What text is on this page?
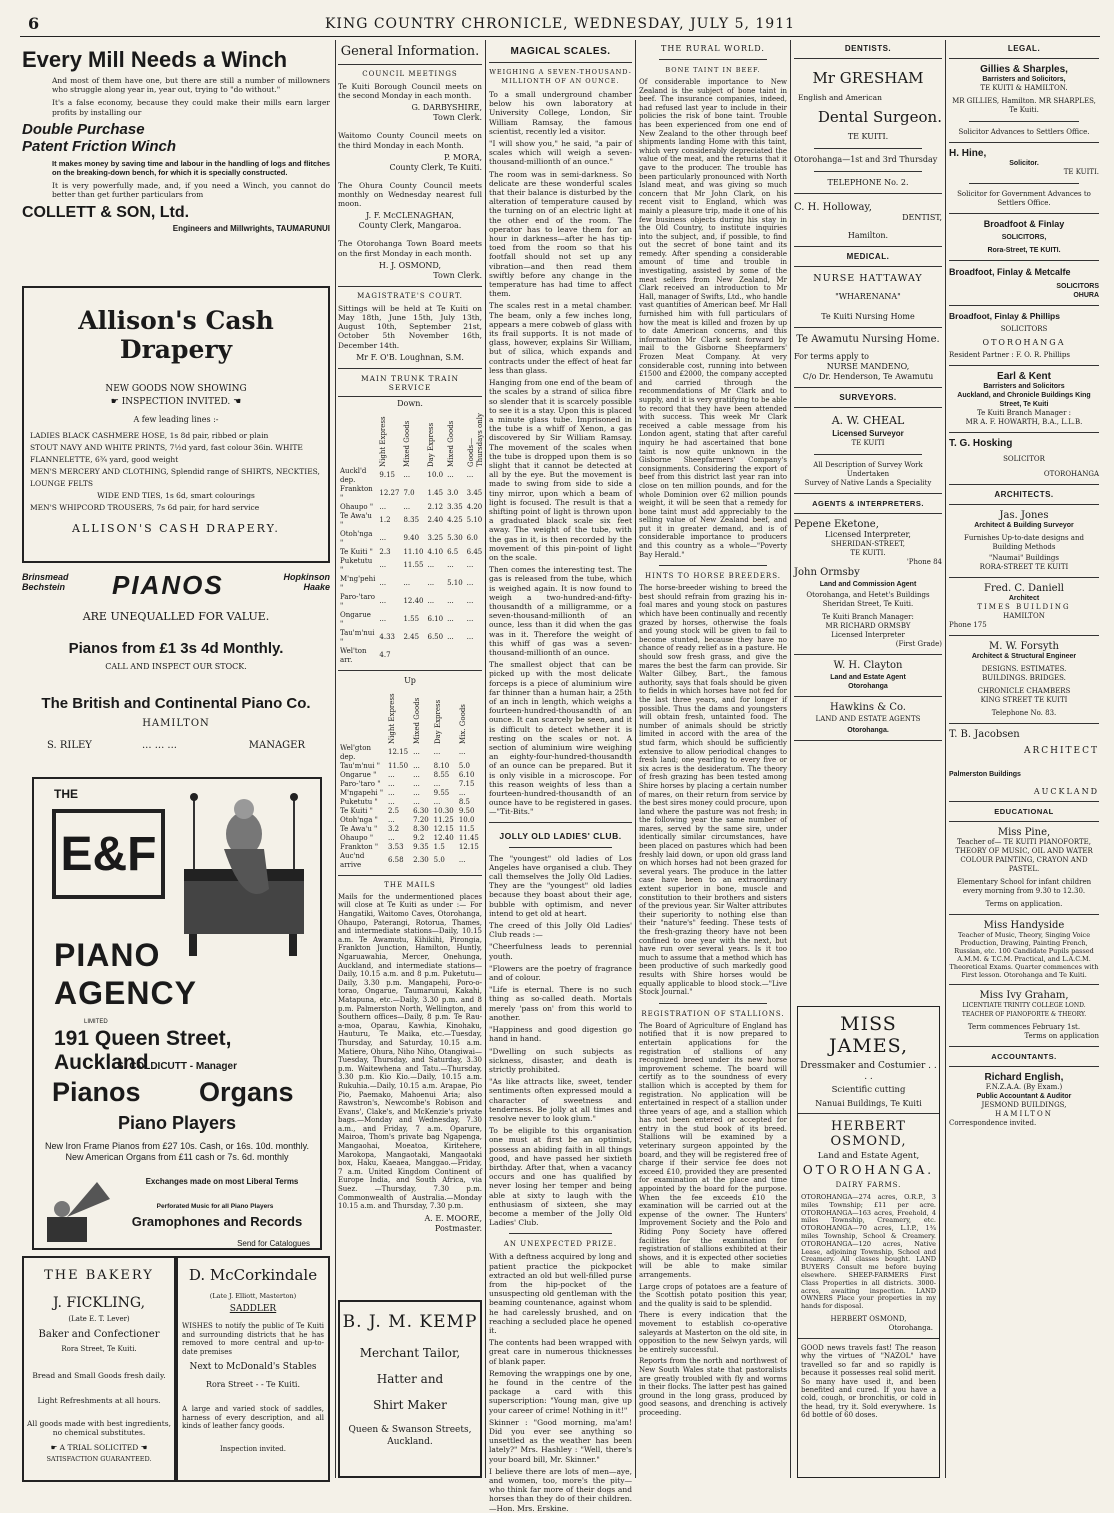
6	KING COUNTRY CHRONICLE, WEDNESDAY, JULY 5, 1911
Every Mill Needs a Winch

And most of them have one, but there are still a number of millowners who struggle along year in, year out, trying to "do without."

It's a false economy, because they could make their mills earn larger profits by installing our

Double Purchase
Patent Friction Winch

It makes money by saving time and labour in the handling of logs and flitches on the breaking-down bench, for which it is specially constructed.

It is very powerfully made, and, if you need a Winch, you cannot do better than get further particulars from

COLLETT & SON, Ltd.
Engineers and Millwrights, TAUMARUNUI
Allison's Cash Drapery
NEW GOODS NOW SHOWING
☛ INSPECTION INVITED. ☚
A few leading lines :-
LADIES BLACK CASHMERE HOSE, 1s 8d pair, ribbed or plain
STOUT NAVY AND WHITE PRINTS, 7½d yard, fast colour 36in. WHITE FLANNELETTE, 6¾ yard, good weight
MEN'S MERCERY AND CLOTHING, Splendid range of SHIRTS, NECKTIES, LOUNGE FELTS
WIDE END TIES, 1s 6d, smart colourings
MEN'S WHIPCORD TROUSERS, 7s 6d pair, for hard service
ALLISON'S CASH DRAPERY.
Brinsmead
Bechstein PIANOS	Hopkinson
Haake
ARE UNEQUALLED FOR VALUE.
Pianos from £1 3s 4d Monthly.
CALL AND INSPECT OUR STOCK.
The British and Continental Piano Co.
HAMILTON
S. RILEY	... ... ...	MANAGER
THE
E&F
PIANO
AGENCY
LIMITED
191 Queen Street, Auckland
S. COLDICUTT - Manager
Pianos Organs
Piano Players
New Iron Frame Pianos from £27 10s. Cash, or 16s. 10d. monthly. New American Organs from £11 cash or 7s. 6d. monthly
Exchanges made on most Liberal Terms
Perforated Music for all Piano Players
Gramophones and Records
Send for Catalogues
THE BAKERY
J. FICKLING,
(Late E. T. Lever)
Baker and Confectioner
Rora Street, Te Kuiti.
Bread and Small Goods fresh daily.
Light Refreshments at all hours.
All goods made with best ingredients, no chemical substitutes.
☛ A TRIAL SOLICITED ☚
SATISFACTION GUARANTEED.
D. McCorkindale
(Late J. Elliott, Masterton)
SADDLER

WISHES to notify the public of Te Kuiti and surrounding districts that he has removed to more central and up-to-date premises

Next to McDonald's Stables
Rora Street - - Te Kuiti.

A large and varied stock of saddles, harness of every description, and all kinds of leather fancy goods.

Inspection invited.
General Information.
COUNCIL MEETINGS

Te Kuiti Borough Council meets on the second Monday in each month.

G. DARBYSHIRE,
Town Clerk.

Waitomo County Council meets on the third Monday in each Month.

P. MORA,
County Clerk, Te Kuiti.

The Ohura County Council meets monthly on Wednesday nearest full moon.

J. F. McCLENAGHAN,
County Clerk, Mangaroa.

The Otorohanga Town Board meets on the first Monday in each month.

H. J. OSMOND,
Town Clerk.
MAGISTRATE'S COURT.

Sittings will be held at Te Kuiti on May 18th, June 15th, July 13th, August 10th, September 21st, October 5th November 16th, December 14th.

Mr F. O'B. Loughnan, S.M.
MAIN TRUNK TRAIN SERVICE
Down.

	Night Express	Mixed Goods	Day Express	Mixed Goods	Goods—Thursdays only

Auckl'd dep.	9.15	...	10.0	...	...
Frankton "	12.27	7.0	1.45	3.0	3.45
Ohaupo "	...	...	2.12	3.35	4.20
Te Awa'u "	1.2	8.35	2.40	4.25	5.10
Otoh'nga "	...	9.40	3.25	5.30	6.0
Te Kuiti "	2.3	11.10	4.10	6.5	6.45
Puketutu "	...	11.55	...	...	...
M'ng'pehi "	...	...	...	5.10	...
Paro-'taro "	...	12.40	...	...	...
Ongarue "	...	1.55	6.10	...	...
Tau'm'nui "	4.33	2.45	6.50	...	...
Wel'ton arr.	4.7				
Up

	Night Express	Mixed Goods	Day Express	Mix. Goods

Wel'gton dep.	12.15	...	...	...
Tau'm'nui "	11.50	...	8.10	5.0
Ongarue "	...	...	8.55	6.10
Paro-'taro "	...	...	...	7.15
M'ngapehi "	...	...	9.55	...
Puketutu "	...	...	...	8.5
Te Kuiti "	2.5	6.30	10.30	9.50
Otoh'nga "	...	7.20	11.25	10.0
Te Awa'u "	3.2	8.30	12.15	11.5
Ohaupo "	...	9.2	12.40	11.45
Frankton "	3.53	9.35	1.5	12.15
Auc'nd arrive	6.58	2.30	5.0	...
THE MAILS

Mails for the undermentioned places will close at Te Kuiti as under :— For Hangatiki, Waitomo Caves, Otorohanga, Ohaupo, Paterangi, Rotorua, Thames, and intermediate stations—Daily, 10.15 a.m. Te Awamutu, Kihikihi, Pirongia, Frankton Junction, Hamilton, Huntly, Ngaruawahia, Mercer, Onehunga, Auckland, and intermediate stations—Daily, 10.15 a.m. and 8 p.m. Puketutu—Daily, 3.30 p.m. Mangapehi, Poro-o-torao, Ongarue, Taumarunui, Kakahi, Matapuna, etc.—Daily, 3.30 p.m. and 8 p.m. Palmerston North, Wellington, and Southern offices—Daily, 8 p.m. Te Rau-a-moa, Oparau, Kawhia, Kinohaku, Hauturu, Te Maika, etc.—Tuesday, Thursday, and Saturday, 10.15 a.m. Matiere, Ohura, Niho Niho, Otangiwai—Tuesday, Thursday, and Saturday, 3.30 p.m. Waitewhena and Tatu.—Thursday, 3.30 p.m. Kio Kio.—Daily, 10.15 a.m. Rukuhia.—Daily, 10.15 a.m. Arapae, Pio Pio, Paemako, Mahoenui Aria; also Rawstron's, Newcombe's Robison and Evans', Clake's, and McKenzie's private bags.—Monday and Wednesday, 7.30 a.m., and Friday, 7 a.m. Oparure, Mairoa, Thom's private bag Ngapenga, Mangaohai, Moeatoa, Kiritehere, Marokopa, Mangaotaki, Mangaotaki box, Haku, Kaeaea, Manggao.—Friday, 7 a.m. United Kingdom Continent of Europe India, and South Africa, via Suez. —Thursday, 7.30 p.m. Commonwealth of Australia.—Monday 10.15 a.m. and Thursday, 7.30 p.m.

A. E. MOORE,
Postmaster.
B. J. M. KEMP
Merchant Tailor,
Hatter and
Shirt Maker
Queen & Swanson Streets, Auckland.
MAGICAL SCALES.
WEIGHING A SEVEN-THOUSAND-MILLIONTH OF AN OUNCE.

To a small underground chamber below his own laboratory at University College, London, Sir William Ramsay, the famous scientist, recently led a visitor.

"I will show you," he said, "a pair of scales which will weigh a seven-thousand-millionth of an ounce."

The room was in semi-darkness. So delicate are these wonderful scales that their balance is disturbed by the alteration of temperature caused by the turning on of an electric light at the other end of the room. The operator has to leave them for an hour in darkness—after he has tip-toed from the room so that his footfall should not set up any vibration—and then read them swiftly before any change in the temperature has had time to affect them.

The scales rest in a metal chamber. The beam, only a few inches long, appears a mere cobweb of glass with its frail supports. It is not made of glass, however, explains Sir William, but of silica, which expands and contracts under the effect of heat far less than glass.

Hanging from one end of the beam of the scales by a strand of silica fibre so slender that it is scarcely possible to see it is a stay. Upon this is placed a minute glass tube. Imprisoned in the tube is a whiff of Xenon, a gas discovered by Sir William Ramsay. The movement of the scales when the tube is dropped upon them is so slight that it cannot be detected at all by the eye. But the movement is made to swing from side to side a tiny mirror, upon which a beam of light is focused. The result is that a shifting point of light is thrown upon a graduated black scale six feet away. The weight of the tube, with the gas in it, is then recorded by the movement of this pin-point of light on the scale.

Then comes the interesting test. The gas is released from the tube, which is weighed again. It is now found to weigh a two-hundred-and-fifty-thousandth of a milligramme, or a seven-thousand-millionth of an ounce, less than it did when the gas was in it. Therefore the weight of this whiff of gas was a seven-thousand-millionth of an ounce.

The smallest object that can be picked up with the most delicate forceps is a piece of aluminium wire far thinner than a human hair, a 25th of an inch in length, which weighs a fourteen-hundred-thousandth of an ounce. It can scarcely be seen, and it is difficult to detect whether it is resting on the scales or not. A section of aluminium wire weighing an eighty-four-hundred-thousandth of an ounce can be prepared. But it is only visible in a microscope. For this reason weights of less than a fourteen-hundred-thousandth of an ounce have to be registered in gases. —"Tit-Bits."

JOLLY OLD LADIES' CLUB.

The "youngest" old ladies of Los Angeles have organised a club. They call themselves the Jolly Old Ladies. They are the "youngest" old ladies because they boast about their age, bubble with optimism, and never intend to get old at heart.

The creed of this Jolly Old Ladies' Club reads :—

"Cheerfulness leads to perennial youth.

"Flowers are the poetry of fragrance and of colour.

"Life is eternal. There is no such thing as so-called death. Mortals merely 'pass on' from this world to another.

"Happiness and good digestion go hand in hand.

"Dwelling on such subjects as sickness, disaster, and death is strictly prohibited.

"As like attracts like, sweet, tender sentiments often expressed mould a character of sweetness and tenderness. Be jolly at all times and resolve never to look glum."

To be eligible to this organisation one must at first be an optimist, possess an abiding faith in all things good, and have passed her sixtieth birthday. After that, when a vacancy occurs and one has qualified by never losing her temper and being able at sixty to laugh with the enthusiasm of sixteen, she may become a member of the Jolly Old Ladies' Club.

AN UNEXPECTED PRIZE.

With a deftness acquired by long and patient practice the pickpocket extracted an old but well-filled purse from the hip-pocket of the unsuspecting old gentleman with the beaming countenance, against whom he had carelessly brushed, and on reaching a secluded place he opened it.

The contents had been wrapped with great care in numerous thicknesses of blank paper.

Removing the wrappings one by one, he found in the centre of the package a card with this superscription: "Young man, give up your career of crime! Nothing in it!"

Skinner : "Good morning, ma'am! Did you ever see anything so unsettled as the weather has been lately?" Mrs. Hashley : "Well, there's your board bill, Mr. Skinner."

I believe there are lots of men—aye, and women, too, more's the pity—who think far more of their dogs and horses than they do of their children.—Hon. Mrs. Erskine.

THE RURAL WORLD.
BONE TAINT IN BEEF.

Of considerable importance to New Zealand is the subject of bone taint in beef. The insurance companies, indeed, had refused last year to include in their policies the risk of bone taint. Trouble has been experienced from one end of New Zealand to the other through beef shipments landing Home with this taint, which very considerably depreciated the value of the meat, and the returns that it gave to the producer. The trouble has been particularly pronounced with North Island meat, and was giving so much concern that Mr John Clark, on his recent visit to England, which was mainly a pleasure trip, made it one of his few business objects during his stay in the Old Country, to institute inquiries into the subject, and, if possible, to find out the secret of bone taint and its remedy. After spending a considerable amount of time and trouble in investigating, assisted by some of the meat sellers from New Zealand, Mr Clark received an introduction to Mr Hall, manager of Swifts, Ltd., who handle vast quantities of American beef. Mr Hall furnished him with full particulars of how the meat is killed and frozen by up to date American concerns, and this information Mr Clark sent forward by mail to the Gisborne Sheepfarmers' Frozen Meat Company. At very considerable cost, running into between £1500 and £2000, the company accepted and carried through the recommendations of Mr Clark and to supply, and it is very gratifying to be able to record that they have been attended with success. This week Mr Clark received a cable message from his London agent, stating that after careful inquiry he had ascertained that bone taint is now quite unknown in the Gisborne Sheepfarmers' Company's consignments. Considering the export of beef from this district last year ran into close on ten million pounds, and for the whole Dominion over 62 million pounds weight, it will be seen that a remedy for bone taint must add appreciably to the selling value of New Zealand beef, and put it in greater demand, and is of considerable importance to producers and this country as a whole—"Poverty Bay Herald."

HINTS TO HORSE BREEDERS.

The horse-breeder wishing to breed the best should refrain from grazing his in-foal mares and young stock on pastures which have been continually and recently grazed by horses, otherwise the foals and young stock will be given to fail to become stunted, because they have no chance of ready relief as in a pasture. He should sow fresh grass, and give the mares the best the farm can provide. Sir Walter Gilbey, Bart., the famous authority, says that foals should be given to fields in which horses have not fed for the last three years, and for longer if possible. Thus the dams and youngsters will obtain fresh, untainted food. The number of animals should be strictly limited in accord with the area of the stud farm, which should be sufficiently extensive to allow periodical changes to fresh land; one yearling to every five or six acres is the desideratum. The theory of fresh grazing has been tested among Shire horses by placing a certain number of mares, on their return from service by the best sires money could procure, upon land where the pasture was not fresh; in the following year the same number of mares, served by the same sire, under identically similar circumstances, have been placed on pastures which had been freshly laid down, or upon old grass land on which horses had not been grazed for several years. The produce in the latter case have been to an extraordinary extent superior in bone, muscle and constitution to their brothers and sisters of the previous year. Sir Walter attributes their superiority to nothing else than their "nature's" feeding. These tests of the fresh-grazing theory have not been confined to one year with the next, but have run over several years. Is it too much to assume that a method which has been productive of such markedly good results with Shire horses would be equally applicable to blood stock.—"Live Stock Journal."

REGISTRATION OF STALLIONS.

The Board of Agriculture of England has notified that it is now prepared to entertain applications for the registration of stallions of any recognized breed under its new horse improvement scheme. The board will certify as to the soundness of every stallion which is accepted by them for registration. No application will be entertained in respect of a stallion under three years of age, and a stallion which has not been entered or accepted for entry in the stud book of its breed. Stallions will be examined by a veterinary surgeon appointed by the board, and they will be registered free of charge if their service fee does not exceed £10, provided they are presented for examination at the place and time appointed by the board for the purpose. When the fee exceeds £10 the examination will be carried out at the expense of the owner. The Hunters' Improvement Society and the Polo and Riding Pony Society have offered facilities for the examination for registration of stallions exhibited at their shows, and it is expected other societies will be able to make similar arrangements.

Large crops of potatoes are a feature of the Scottish potato position this year, and the quality is said to be splendid.

There is every indication that the movement to establish co-operative saleyards at Masterton on the old site, in opposition to the new Selwyn yards, will be entirely successful.

Reports from the north and northwest of New South Wales state that pastoralists are greatly troubled with fly and worms in their flocks. The latter pest has gained ground in the long grass, produced by good seasons, and drenching is actively proceeding.

DENTISTS.
Mr GRESHAM
English and American
Dental Surgeon.
TE KUITI.
Otorohanga—1st and 3rd Thursday
TELEPHONE No. 2.
C. H. Holloway,
DENTIST,
Hamilton.
MEDICAL.
NURSE HATTAWAY
"WHARENANA"
Te Kuiti Nursing Home
Te Awamutu Nursing Home.
For terms apply to
NURSE MANDENO,
C/o Dr. Henderson, Te Awamutu
SURVEYORS.
A. W. CHEAL
Licensed Surveyor
TE KUITI
All Description of Survey Work Undertaken
Survey of Native Lands a Speciality
AGENTS & INTERPRETERS.
Pepene Eketone,
Licensed Interpreter,
SHERIDAN-STREET,
TE KUITI.
'Phone 84
John Ormsby
Land and Commission Agent
Otorohanga, and Hetet's Buildings Sheridan Street, Te Kuiti.
Te Kuiti Branch Manager:
MR RICHARD ORMSBY
Licensed Interpreter
(First Grade)
W. H. Clayton
Land and Estate Agent
Otorohanga
Hawkins & Co.
LAND AND ESTATE AGENTS
Otorohanga.
MISS JAMES,
Dressmaker and Costumier . . . .
Scientific cutting
Nanuai Buildings, Te Kuiti
HERBERT OSMOND,
Land and Estate Agent,
OTOROHANGA.
DAIRY FARMS.

OTOROHANGA—274 acres, O.R.P., 3 miles Township; £11 per acre. OTOROHANGA—163 acres, Freehold, 4 miles Township, Creamery, etc. OTOROHANGA—70 acres, L.I.P., 1¾ miles Township, School & Creamery. OTOROHANGA—120 acres, Native Lease, adjoining Township, School and Creamery. All classes bought. LAND BUYERS Consult me before buying elsewhere. SHEEP-FARMERS First Class Properties in all districts. 3000-acres, awaiting inspection. LAND OWNERS Place your properties in my hands for disposal.

HERBERT OSMOND,
Otorohanga.

GOOD news travels fast! The reason why the virtues of "NAZOL" have travelled so far and so rapidly is because it possesses real solid merit. So many have used it, and been benefited and cured. If you have a cold, cough, or bronchitis, or cold in the head, try it. Sold everywhere. 1s 6d bottle of 60 doses.

LEGAL.
Gillies & Sharples,
Barristers and Solicitors,
TE KUITI & HAMILTON.
MR GILLIES, Hamilton. MR SHARPLES, Te Kuiti.
Solicitor Advances to Settlers Office.
H. Hine,
Solicitor.
TE KUITI.
Solicitor for Government Advances to Settlers Office.
Broadfoot & Finlay
SOLICITORS,
Rora-Street, TE KUITI.
Broadfoot, Finlay & Metcalfe
SOLICITORS
OHURA
Broadfoot, Finlay & Phillips
SOLICITORS
OTOROHANGA
Resident Partner : F. O. R. Phillips
Earl & Kent
Barristers and Solicitors
Auckland, and Chronicle Buildings King Street, Te Kuiti
Te Kuiti Branch Manager :
MR A. F. HOWARTH, B.A., L.L.B.
T. G. Hosking
SOLICITOR
OTOROHANGA
ARCHITECTS.
Jas. Jones
Architect & Building Surveyor
Furnishes Up-to-date designs and Building Methods
"Naumai" Buildings
RORA-STREET TE KUITI
Fred. C. Daniell
Architect
TIMES BUILDING
HAMILTON
Phone 175
M. W. Forsyth
Architect & Structural Engineer
DESIGNS. ESTIMATES.
BUILDINGS. BRIDGES.
CHRONICLE CHAMBERS
KING STREET TE KUITI
Telephone No. 83.
T. B. Jacobsen
ARCHITECT
Palmerston Buildings
AUCKLAND
EDUCATIONAL
Miss Pine,
Teacher of— TE KUITI PIANOFORTE, THEORY OF MUSIC, OIL AND WATER COLOUR PAINTING, CRAYON AND PASTEL.
Elementary School for infant children every morning from 9.30 to 12.30.
Terms on application.
Miss Handyside
Teacher of Music, Theory, Singing Voice Production, Drawing, Painting French, Russian, etc. 100 Candidate Pupils passed A.M.M. & T.C.M. Practical, and L.A.C.M. Theoretical Exams. Quarter commences with First lesson. Otorohanga and Te Kuiti.
Miss Ivy Graham,
LICENTIATE TRINITY COLLEGE LOND. TEACHER OF PIANOFORTE & THEORY.
Term commences February 1st.
Terms on application
ACCOUNTANTS.
Richard English,
F.N.Z.A.A. (By Exam.)
Public Accountant & Auditor
JESMOND BUILDINGS,
HAMILTON
Correspondence invited.
